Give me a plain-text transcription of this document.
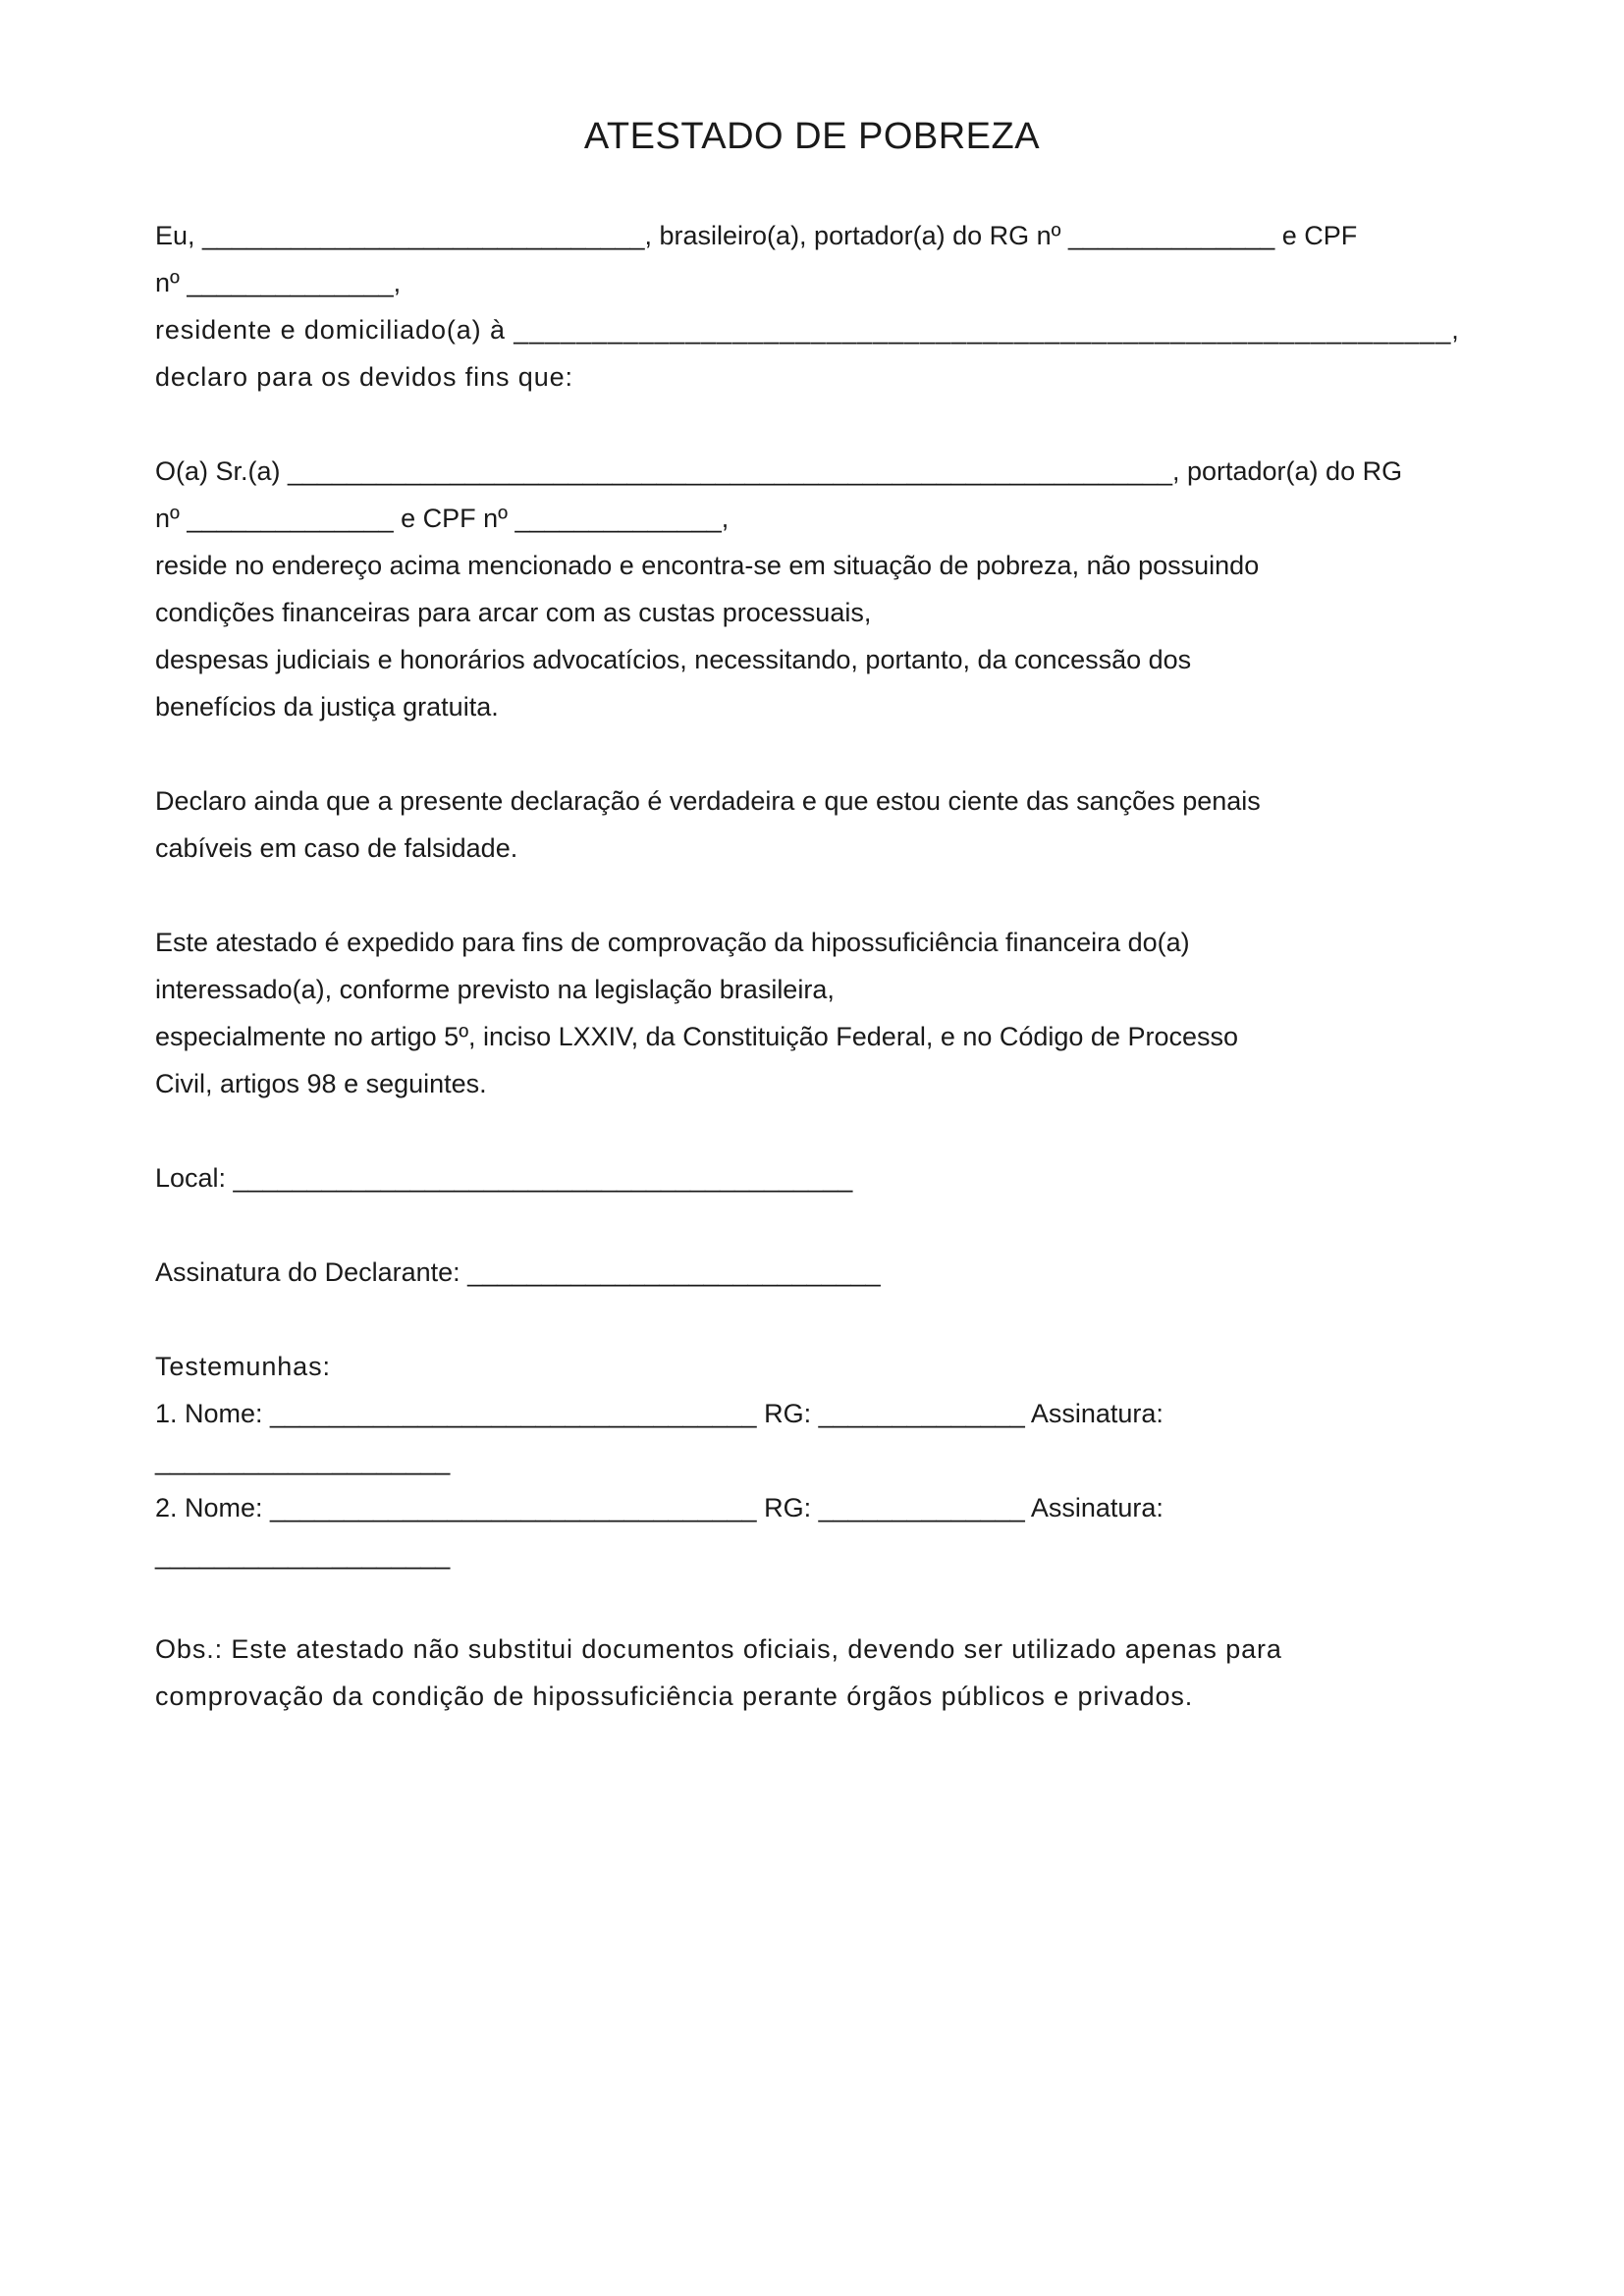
ATESTADO DE POBREZA
Eu, ______________________________, brasileiro(a), portador(a) do RG nº ______________ e CPF
nº ______________,
residente e domiciliado(a) à ____________________________________________________________,
declaro para os devidos fins que:
O(a) Sr.(a) ____________________________________________________________, portador(a) do RG
nº ______________ e CPF nº ______________,
reside no endereço acima mencionado e encontra-se em situação de pobreza, não possuindo
condições financeiras para arcar com as custas processuais,
despesas judiciais e honorários advocatícios, necessitando, portanto, da concessão dos
benefícios da justiça gratuita.
Declaro ainda que a presente declaração é verdadeira e que estou ciente das sanções penais
cabíveis em caso de falsidade.
Este atestado é expedido para fins de comprovação da hipossuficiência financeira do(a)
interessado(a), conforme previsto na legislação brasileira,
especialmente no artigo 5º, inciso LXXIV, da Constituição Federal, e no Código de Processo
Civil, artigos 98 e seguintes.
Local: __________________________________________
Assinatura do Declarante: ____________________________
Testemunhas:
1. Nome: _________________________________ RG: ______________ Assinatura:
____________________
2. Nome: _________________________________ RG: ______________ Assinatura:
____________________
Obs.: Este atestado não substitui documentos oficiais, devendo ser utilizado apenas para
comprovação da condição de hipossuficiência perante órgãos públicos e privados.
